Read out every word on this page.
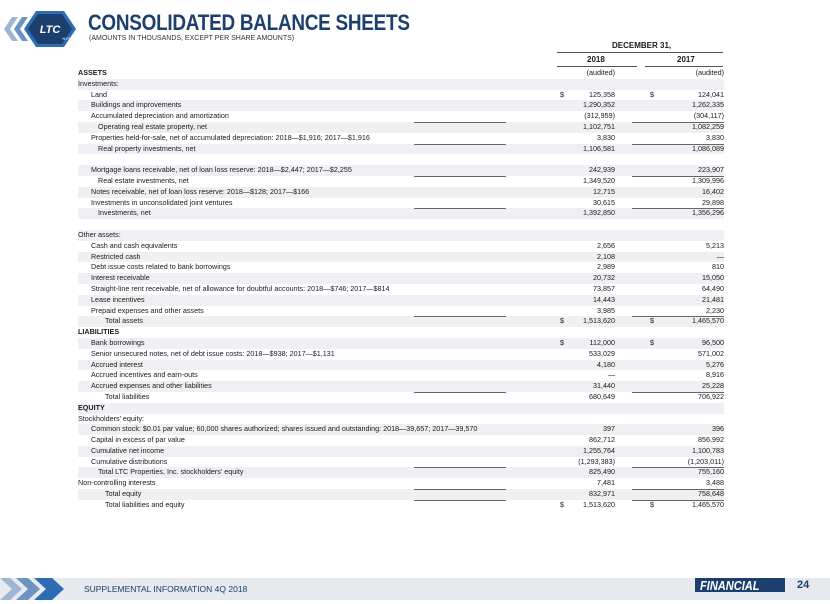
LTC
NYSE
CONSOLIDATED BALANCE SHEETS
(AMOUNTS IN THOUSANDS, EXCEPT PER SHARE AMOUNTS)
DECEMBER 31,
2018	2017
ASSETS	(audited)	(audited)
Investments:
Land	$	125,358	$	124,041
Buildings and improvements	1,290,352	1,262,335
Accumulated depreciation and amortization	(312,959)	(304,117)
Operating real estate property, net	1,102,751	1,082,259
Properties held-for-sale, net of accumulated depreciation: 2018—$1,916; 2017—$1,916	3,830	3,830
Real property investments, net	1,106,581	1,086,089
Mortgage loans receivable, net of loan loss reserve: 2018—$2,447; 2017—$2,255	242,939	223,907
Real estate investments, net	1,349,520	1,309,996
Notes receivable, net of loan loss reserve: 2018—$128; 2017—$166	12,715	16,402
Investments in unconsolidated joint ventures	30,615	29,898
Investments, net	1,392,850	1,356,296
Other assets:
Cash and cash equivalents	2,656	5,213
Restricted cash	2,108	—
Debt issue costs related to bank borrowings	2,989	810
Interest receivable	20,732	15,050
Straight-line rent receivable, net of allowance for doubtful accounts: 2018—$746; 2017—$814	73,857	64,490
Lease incentives	14,443	21,481
Prepaid expenses and other assets	3,985	2,230
Total assets	$	1,513,620	$	1,465,570
LIABILITIES
Bank borrowings	$	112,000	$	96,500
Senior unsecured notes, net of debt issue costs: 2018—$938; 2017—$1,131	533,029	571,002
Accrued interest	4,180	5,276
Accrued incentives and earn-outs	—	8,916
Accrued expenses and other liabilities	31,440	25,228
Total liabilities	680,649	706,922
EQUITY
Stockholders’ equity:
Common stock: $0.01 par value; 60,000 shares authorized; shares issued and outstanding: 2018—39,657; 2017—39,570	397	396
Capital in excess of par value	862,712	856,992
Cumulative net income	1,255,764	1,100,783
Cumulative distributions	(1,293,383)	(1,203,011)
Total LTC Properties, Inc. stockholders’ equity	825,490	755,160
Non-controlling interests	7,481	3,488
Total equity	832,971	758,648
Total liabilities and equity	$	1,513,620	$	1,465,570
SUPPLEMENTAL INFORMATION 4Q 2018	FINANCIAL	24
